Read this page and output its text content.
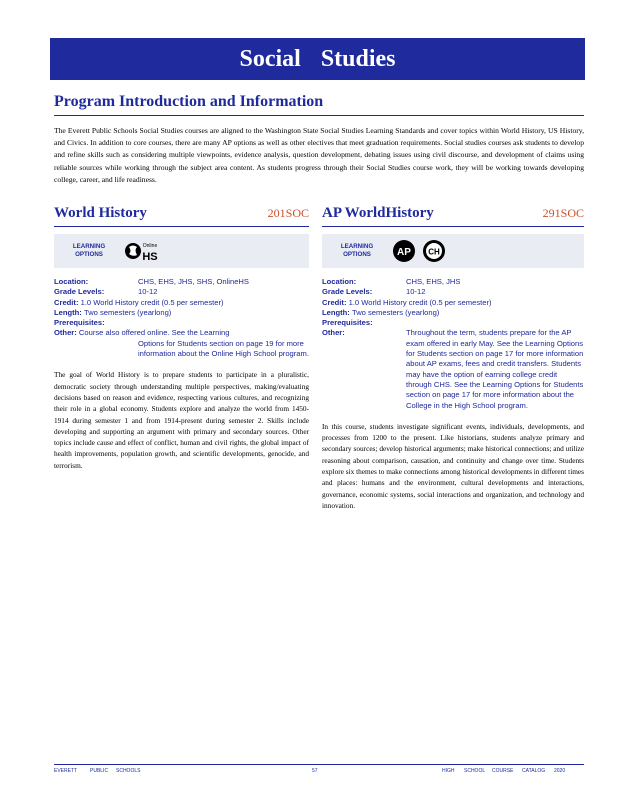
Social Studies
Program Introduction and Information
The Everett Public Schools Social Studies courses are aligned to the Washington State Social Studies Learning Standards and cover topics within World History, US History, and Civics. In addition to core courses, there are many AP options as well as other electives that meet graduation requirements. Social studies courses ask students to develop and refine skills such as considering multiple viewpoints, evidence analysis, question development, debating issues using civil discourse, and development of claims using reliable sources while working through the subject area content. As students progress through their Social Studies course work, they will be working towards developing college, career, and life readiness.
World History	201SOC
LEARNING OPTIONS
Online
HS
Location:	CHS, EHS, JHS, SHS, OnlineHS
Grade Levels:	10-12
Credit:
1.0 World History credit (0.5 per semester)
Length:
Two semesters (yearlong)
Prerequisites:
Other:
Course also offered online. See the Learning
Options for Students section on page 19 for more information about the Online High School program.
The goal of World History is to prepare students to participate in a pluralistic, democratic society through understanding multiple perspectives, making/evaluating decisions based on reason and evidence, respecting various cultures, and recognizing their role in a global economy. Students explore and analyze the world from 1450-1914 during semester 1 and from 1914-present during semester 2. Skills include developing and supporting an argument with primary and secondary sources. Other topics include cause and effect of conflict, human and civil rights, the global impact of health improvements, population growth, and scientific developments, genocide, and terrorism.
AP WorldHistory	291SOC
LEARNING OPTIONS	AP CH
Location:	CHS, EHS, JHS
Grade Levels:	10-12
Credit:
1.0 World History credit (0.5 per semester)
Length:
Two semesters (yearlong)
Prerequisites:
Other:	Throughout the term, students prepare for the AP exam offered in early May. See the Learning Options for Students section on page 17 for more information about AP exams, fees and credit transfers. Students may have the option of earning college credit through CHS. See the Learning Options for Students section on page 17 for more information about the College in the High School program.
In this course, students investigate significant events, individuals, developments, and processes from 1200 to the present. Like historians, students analyze primary and secondary sources; develop historical arguments; make historical connections; and utilize reasoning about comparison, causation, and continuity and change over time. Students explore six themes to make connections among historical developments in different times and places: humans and the environment, cultural developments and interactions, governance, economic systems, social interactions and organization, and technology and innovation.
EVERETT	PUBLIC SCHOOLS	57	HIGH SCHOOL COURSE CATALOG 2020
